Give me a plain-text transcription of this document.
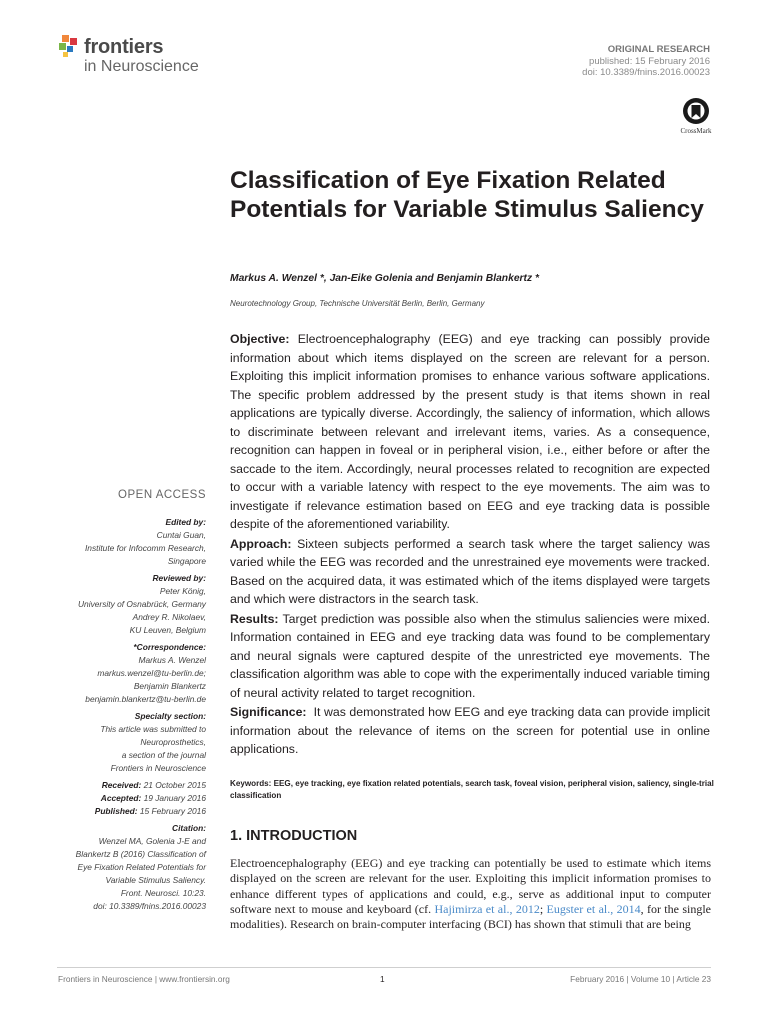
frontiers
in Neuroscience
ORIGINAL RESEARCH
published: 15 February 2016
doi: 10.3389/fnins.2016.00023
CrossMark
Classification of Eye Fixation Related Potentials for Variable Stimulus Saliency
Markus A. Wenzel *, Jan-Eike Golenia and Benjamin Blankertz *
Neurotechnology Group, Technische Universität Berlin, Berlin, Germany

Objective: Electroencephalography (EEG) and eye tracking can possibly provide information about which items displayed on the screen are relevant for a person. Exploiting this implicit information promises to enhance various software applications. The specific problem addressed by the present study is that items shown in real applications are typically diverse. Accordingly, the saliency of information, which allows to discriminate between relevant and irrelevant items, varies. As a consequence, recognition can happen in foveal or in peripheral vision, i.e., either before or after the saccade to the item. Accordingly, neural processes related to recognition are expected to occur with a variable latency with respect to the eye movements. The aim was to investigate if relevance estimation based on EEG and eye tracking data is possible despite of the aforementioned variability.

Approach: Sixteen subjects performed a search task where the target saliency was varied while the EEG was recorded and the unrestrained eye movements were tracked. Based on the acquired data, it was estimated which of the items displayed were targets and which were distractors in the search task.

Results: Target prediction was possible also when the stimulus saliencies were mixed. Information contained in EEG and eye tracking data was found to be complementary and neural signals were captured despite of the unrestricted eye movements. The classification algorithm was able to cope with the experimentally induced variable timing of neural activity related to target recognition.

Significance:  It was demonstrated how EEG and eye tracking data can provide implicit information about the relevance of items on the screen for potential use in online applications.

Keywords: EEG, eye tracking, eye fixation related potentials, search task, foveal vision, peripheral vision, saliency, single-trial classification
1. INTRODUCTION
Electroencephalography (EEG) and eye tracking can potentially be used to estimate which items displayed on the screen are relevant for the user. Exploiting this implicit information promises to enhance different types of applications and could, e.g., serve as additional input to computer software next to mouse and keyboard (cf. Hajimirza et al., 2012; Eugster et al., 2014, for the single modalities). Research on brain-computer interfacing (BCI) has shown that stimuli that are being
OPEN ACCESS
Edited by:
Cuntai Guan,
Institute for Infocomm Research,
Singapore
Reviewed by:
Peter König,
University of Osnabrück, Germany
Andrey R. Nikolaev,
KU Leuven, Belgium
*Correspondence:
Markus A. Wenzel
markus.wenzel@tu-berlin.de;
Benjamin Blankertz
benjamin.blankertz@tu-berlin.de
Specialty section:
This article was submitted to
Neuroprosthetics,
a section of the journal
Frontiers in Neuroscience
Received: 21 October 2015
Accepted: 19 January 2016
Published: 15 February 2016
Citation:
Wenzel MA, Golenia J-E and
Blankertz B (2016) Classification of
Eye Fixation Related Potentials for
Variable Stimulus Saliency.
Front. Neurosci. 10:23.
doi: 10.3389/fnins.2016.00023
Frontiers in Neuroscience | www.frontiersin.org	1	February 2016 | Volume 10 | Article 23
